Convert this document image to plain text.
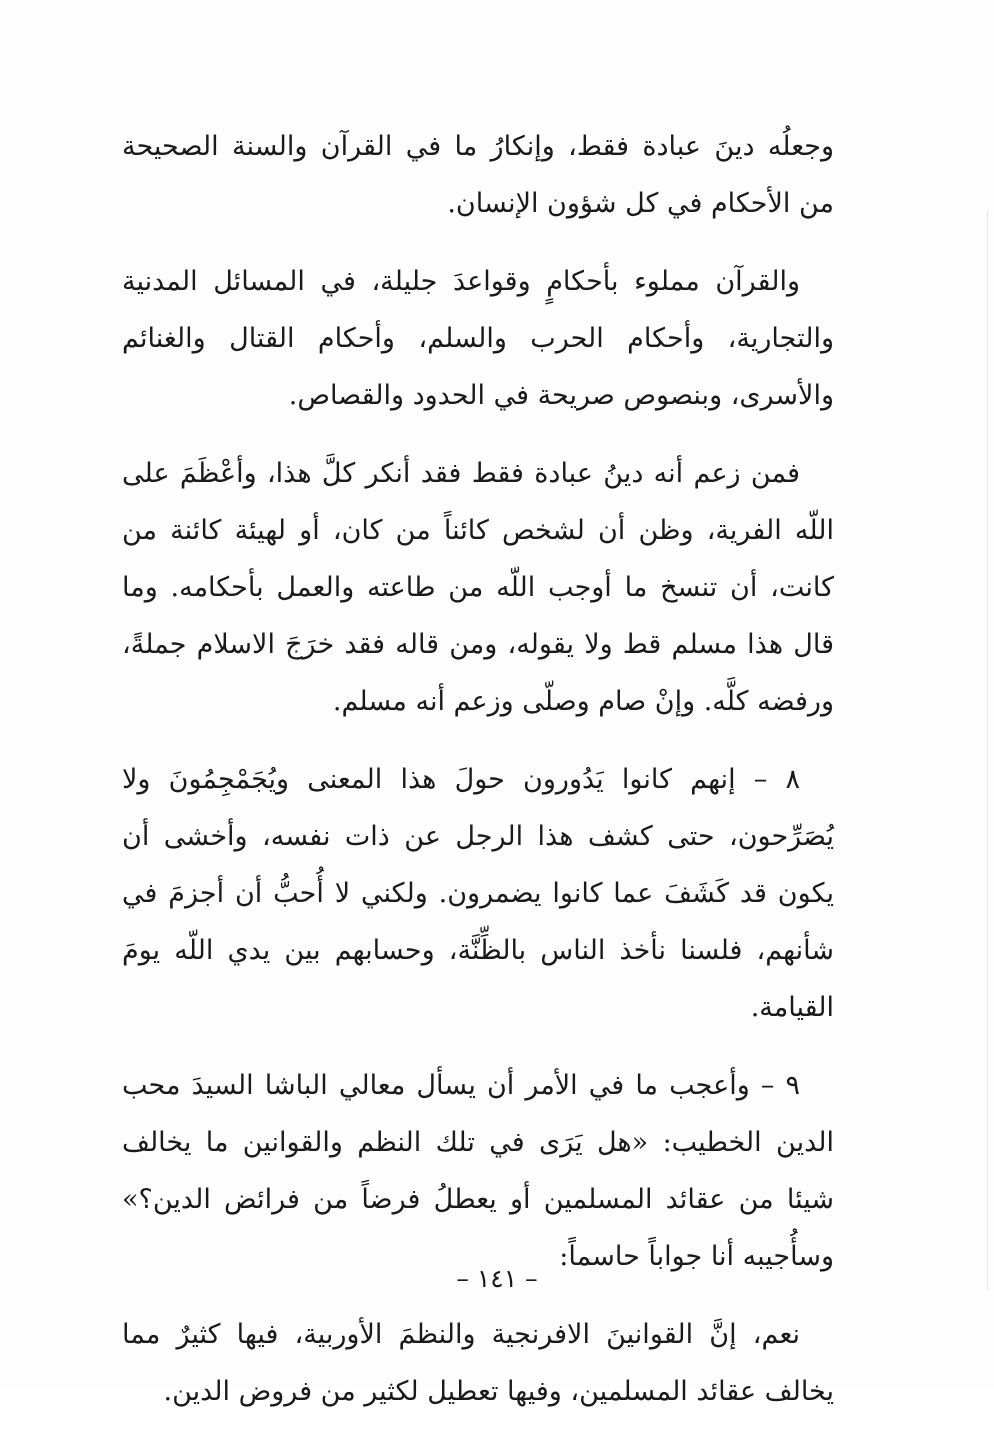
وجعلُه دينَ عبادة فقط، وإنكارُ ما في القرآن والسنة الصحيحة من الأحكام في كل شؤون الإنسان.

والقرآن مملوء بأحكامٍ وقواعدَ جليلة، في المسائل المدنية والتجارية، وأحكام الحرب والسلم، وأحكام القتال والغنائم والأسرى، وبنصوص صريحة في الحدود والقصاص.

فمن زعم أنه دينُ عبادة فقط فقد أنكر كلَّ هذا، وأعْظَمَ على اللّه الفرية، وظن أن لشخص كائناً من كان، أو لهيئة كائنة من كانت، أن تنسخ ما أوجب اللّه من طاعته والعمل بأحكامه. وما قال هذا مسلم قط ولا يقوله، ومن قاله فقد خرَجَ الاسلام جملةً، ورفضه كلَّه. وإنْ صام وصلّى وزعم أنه مسلم.

٨ – إنهم كانوا يَدُورون حولَ هذا المعنى ويُجَمْجِمُونَ ولا يُصَرِّحون، حتى كشف هذا الرجل عن ذات نفسه، وأخشى أن يكون قد كَشَفَ عما كانوا يضمرون. ولكني لا أُحبُّ أن أجزمَ في شأنهم، فلسنا نأخذ الناس بالظِّنَّة، وحسابهم بين يدي اللّه يومَ القيامة.

٩ – وأعجب ما في الأمر أن يسأل معالي الباشا السيدَ محب الدين الخطيب: «هل يَرَى في تلك النظم والقوانين ما يخالف شيئا من عقائد المسلمين أو يعطلُ فرضاً من فرائض الدين؟» وسأُجيبه أنا جواباً حاسماً:

نعم، إنَّ القوانينَ الافرنجية والنظمَ الأوربية، فيها كثيرٌ مما يخالف عقائد المسلمين، وفيها تعطيل لكثير من فروض الدين.

– ١٤١ –
